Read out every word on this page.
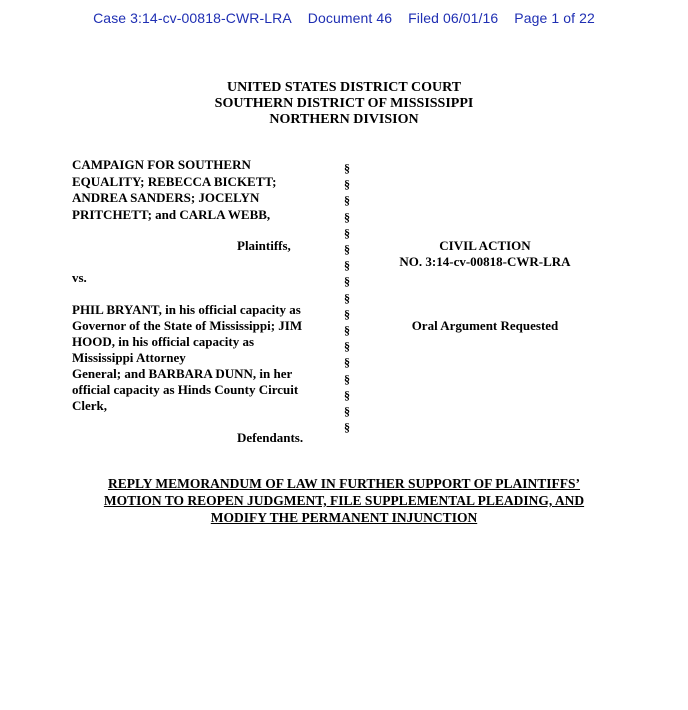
Case 3:14-cv-00818-CWR-LRA Document 46 Filed 06/01/16 Page 1 of 22
UNITED STATES DISTRICT COURT
SOUTHERN DISTRICT OF MISSISSIPPI
NORTHERN DIVISION
CAMPAIGN FOR SOUTHERN
EQUALITY; REBECCA BICKETT;
ANDREA SANDERS; JOCELYN
PRITCHETT; and CARLA WEBB,
Plaintiffs,
vs.
PHIL BRYANT, in his official capacity as
Governor of the State of Mississippi; JIM
HOOD, in his official capacity as
Mississippi Attorney
General; and BARBARA DUNN, in her
official capacity as Hinds County Circuit
Clerk,
Defendants.
§
§
§
§
§
§
§
§
§
§
§
§
§
§
§
§
§
CIVIL ACTION
NO. 3:14-cv-00818-CWR-LRA
Oral Argument Requested
REPLY MEMORANDUM OF LAW IN FURTHER SUPPORT OF PLAINTIFFS’
MOTION TO REOPEN JUDGMENT, FILE SUPPLEMENTAL PLEADING, AND
MODIFY THE PERMANENT INJUNCTION
